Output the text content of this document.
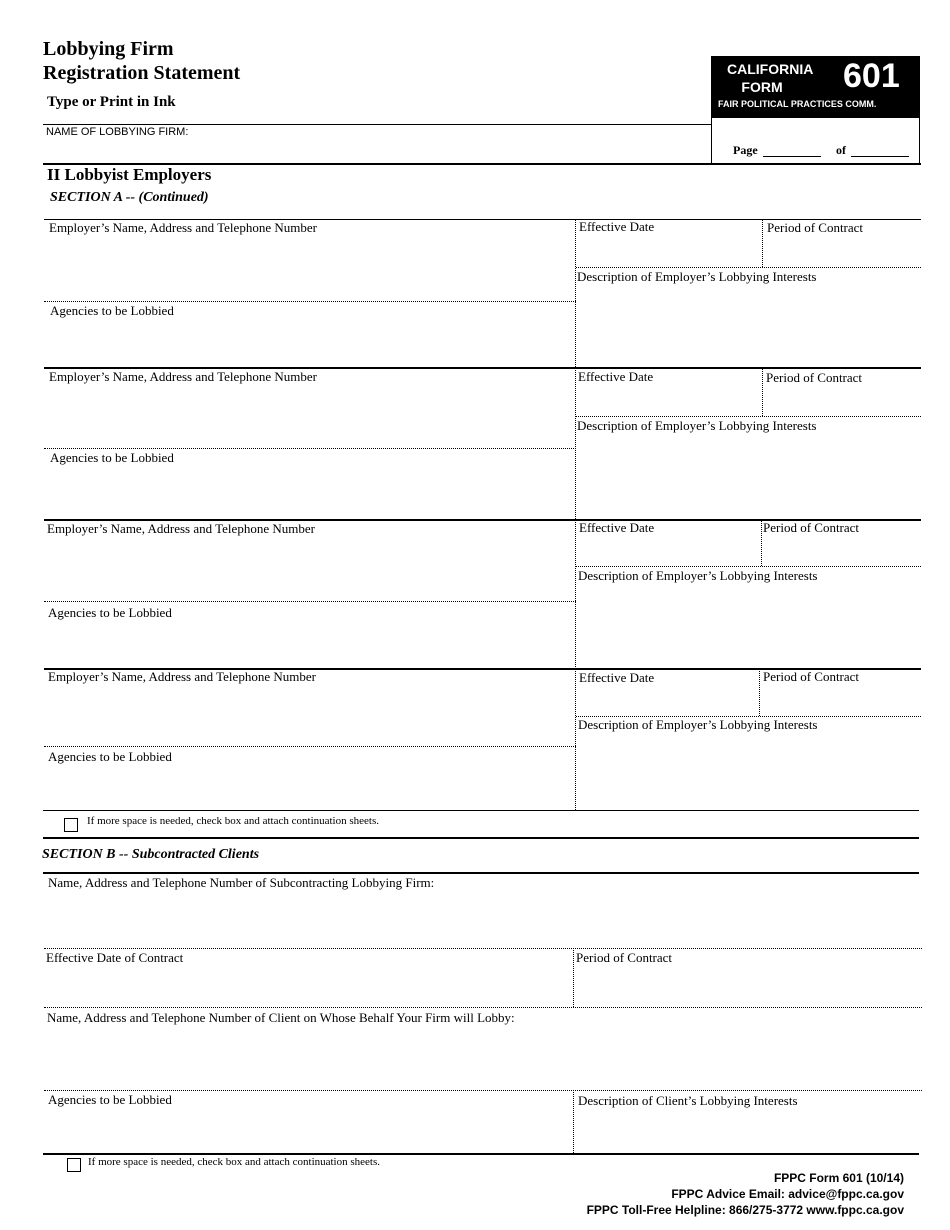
Lobbying Firm
Registration Statement
Type or Print in Ink
NAME OF LOBBYING FIRM:
CALIFORNIA
FORM	601
FAIR POLITICAL PRACTICES COMM.
Page	of
II Lobbyist Employers
SECTION A -- (Continued)
Employer’s Name, Address and Telephone Number	Effective Date	Period of Contract
Description of Employer’s Lobbying Interests
Agencies to be Lobbied
Employer’s Name, Address and Telephone Number	Effective Date	Period of Contract
Description of Employer’s Lobbying Interests
Agencies to be Lobbied
Employer’s Name, Address and Telephone Number	Effective Date	Period of Contract
Description of Employer’s Lobbying Interests
Agencies to be Lobbied
Employer’s Name, Address and Telephone Number	Effective Date	Period of Contract
Description of Employer’s Lobbying Interests
Agencies to be Lobbied
If more space is needed, check box and attach continuation sheets.
SECTION B -- Subcontracted Clients
Name, Address and Telephone Number of Subcontracting Lobbying Firm:
Effective Date of Contract	Period of Contract
Name, Address and Telephone Number of Client on Whose Behalf Your Firm will Lobby:
Agencies to be Lobbied	Description of Client’s Lobbying Interests
If more space is needed, check box and attach continuation sheets.
FPPC Form 601 (10/14)
FPPC Advice Email: advice@fppc.ca.gov
FPPC Toll-Free Helpline: 866/275-3772 www.fppc.ca.gov
